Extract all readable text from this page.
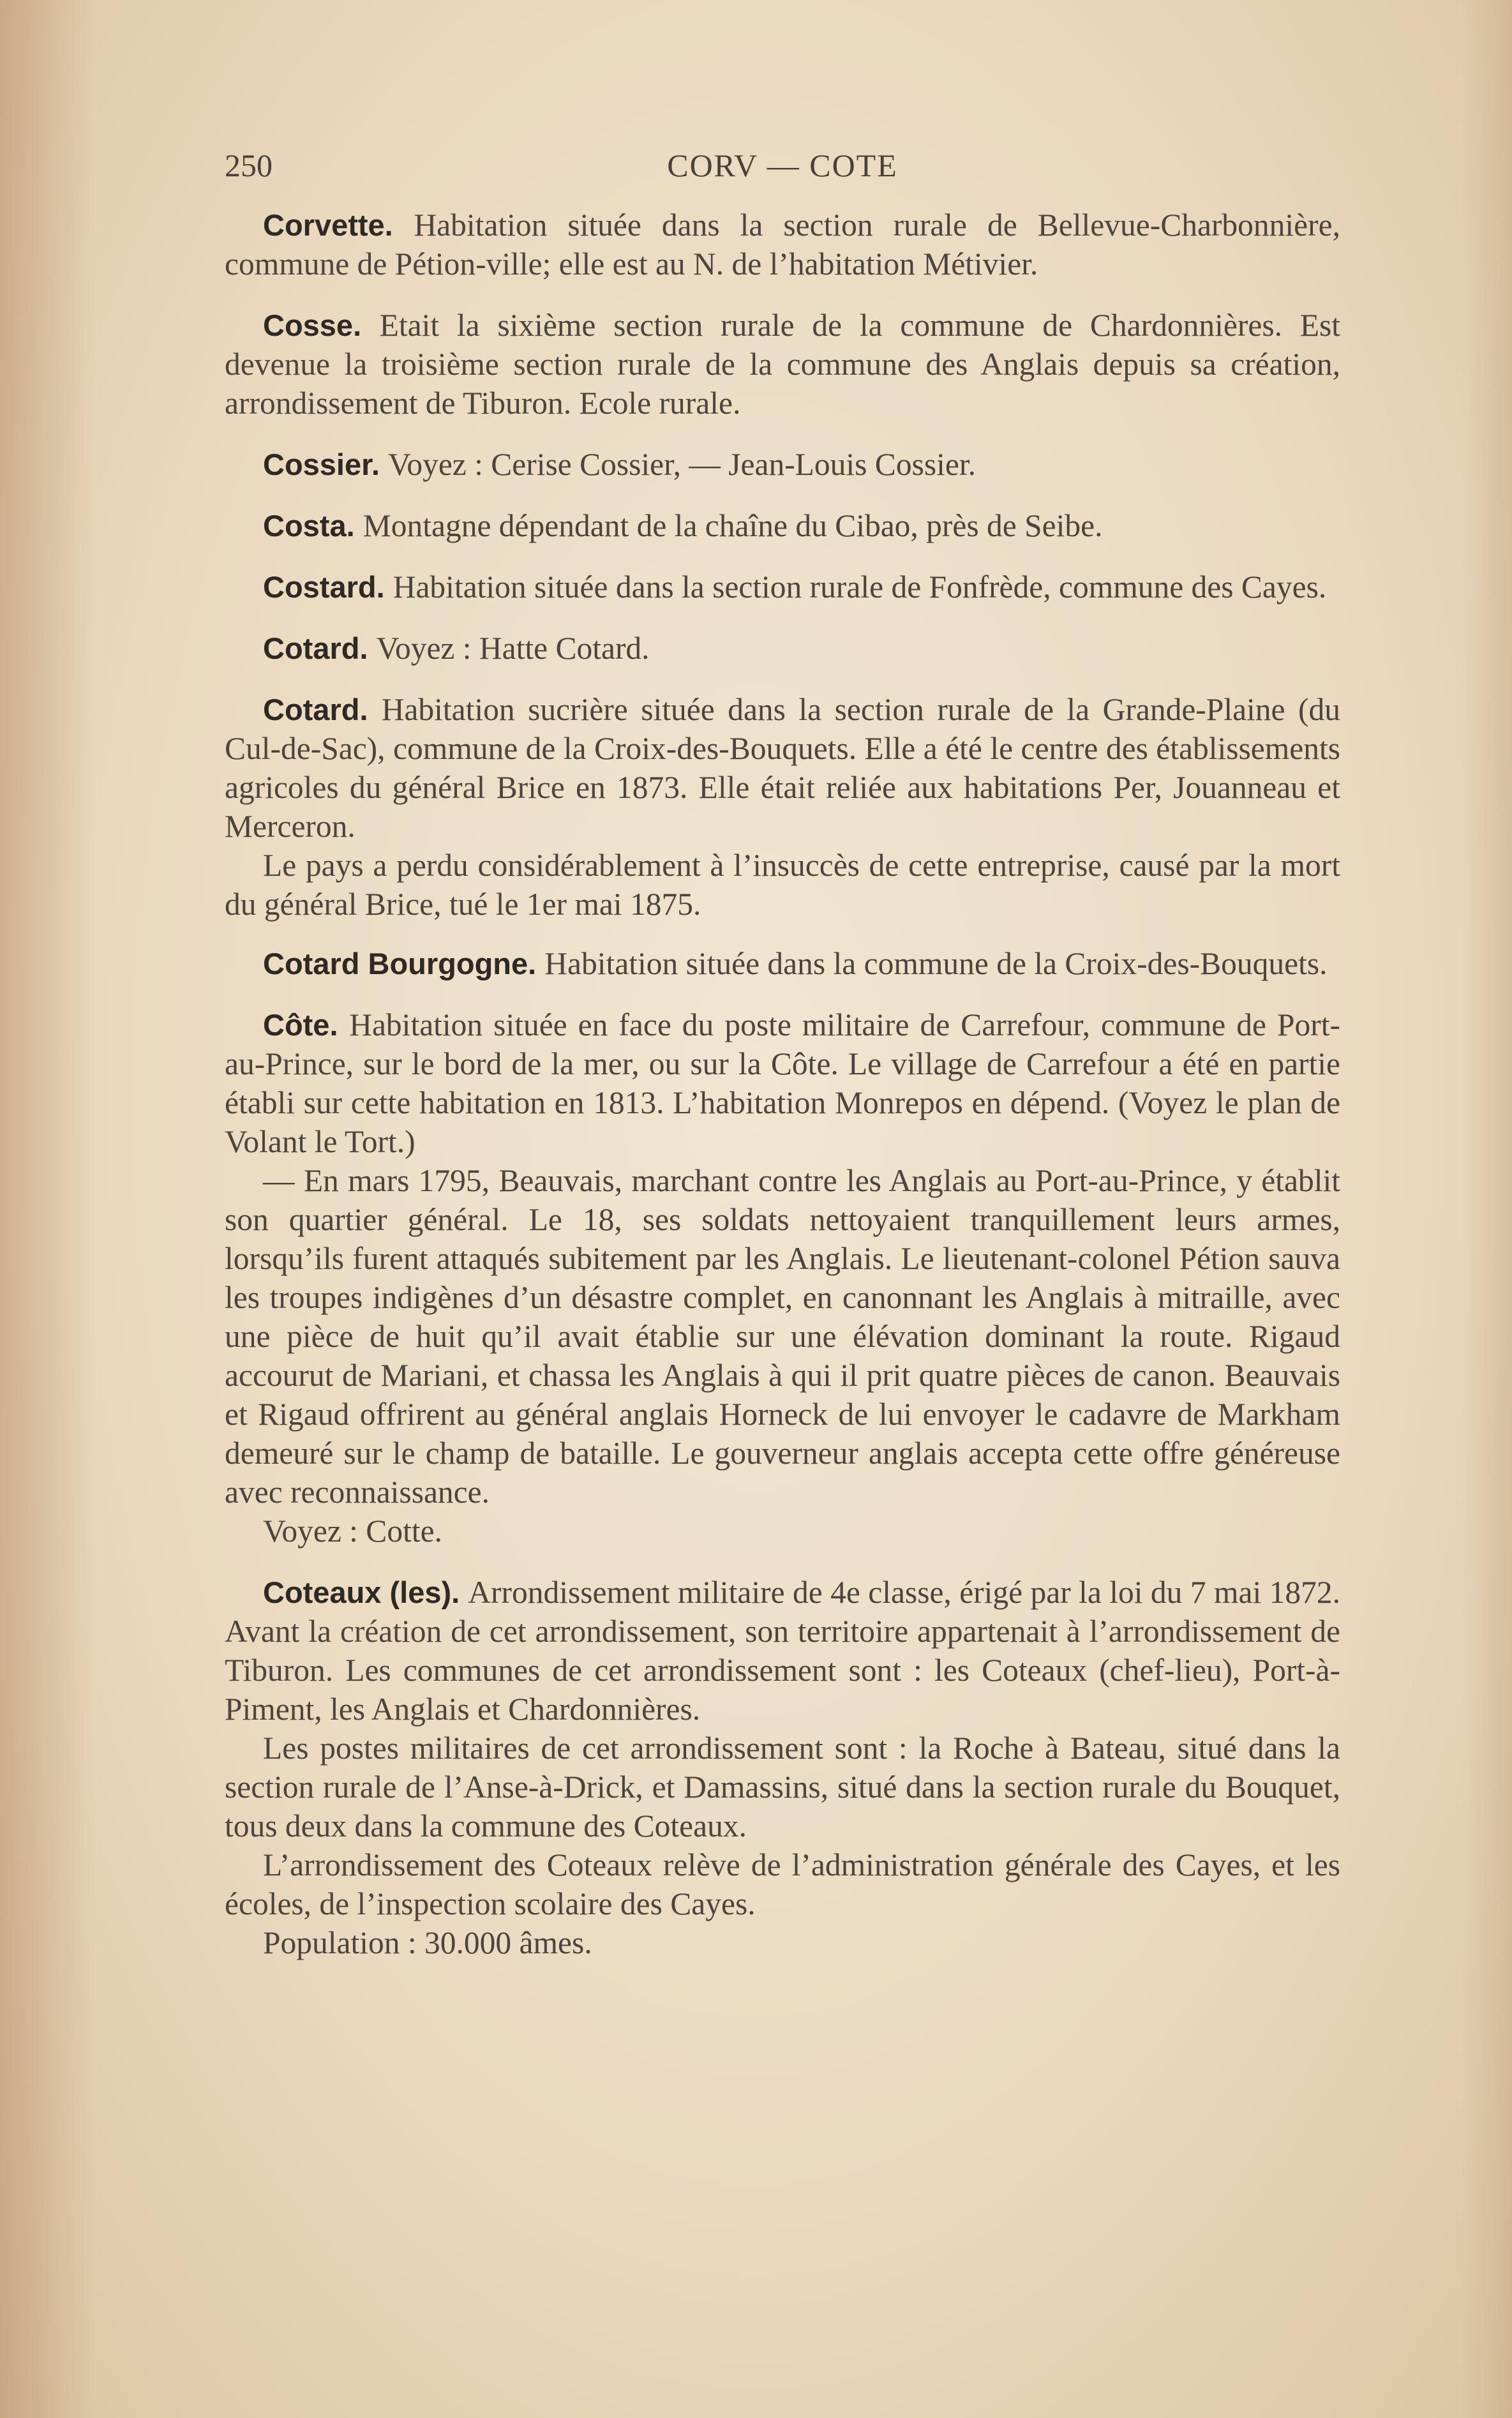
250	CORV — COTE

Corvette. Habitation située dans la section rurale de Bellevue-Charbonnière, commune de Pétion-ville; elle est au N. de l’habitation Métivier.

Cosse. Etait la sixième section rurale de la commune de Chardonnières. Est devenue la troisième section rurale de la commune des Anglais depuis sa création, arrondissement de Tiburon. Ecole rurale.

Cossier. Voyez : Cerise Cossier, — Jean-Louis Cossier.

Costa. Montagne dépendant de la chaîne du Cibao, près de Seibe.

Costard. Habitation située dans la section rurale de Fonfrède, commune des Cayes.

Cotard. Voyez : Hatte Cotard.

Cotard. Habitation sucrière située dans la section rurale de la Grande-Plaine (du Cul-de-Sac), commune de la Croix-des-Bouquets. Elle a été le centre des établissements agricoles du général Brice en 1873. Elle était reliée aux habitations Per, Jouanneau et Merceron.

Le pays a perdu considérablement à l’insuccès de cette entreprise, causé par la mort du général Brice, tué le 1er mai 1875.

Cotard Bourgogne. Habitation située dans la commune de la Croix-des-Bouquets.

Côte. Habitation située en face du poste militaire de Carrefour, commune de Port-au-Prince, sur le bord de la mer, ou sur la Côte. Le village de Carrefour a été en partie établi sur cette habitation en 1813. L’habitation Monrepos en dépend. (Voyez le plan de Volant le Tort.)

— En mars 1795, Beauvais, marchant contre les Anglais au Port-au-Prince, y établit son quartier général. Le 18, ses soldats nettoyaient tranquillement leurs armes, lorsqu’ils furent attaqués subitement par les Anglais. Le lieutenant-colonel Pétion sauva les troupes indigènes d’un désastre complet, en canonnant les Anglais à mitraille, avec une pièce de huit qu’il avait établie sur une élévation dominant la route. Rigaud accourut de Mariani, et chassa les Anglais à qui il prit quatre pièces de canon. Beauvais et Rigaud offrirent au général anglais Horneck de lui envoyer le cadavre de Markham demeuré sur le champ de bataille. Le gouverneur anglais accepta cette offre généreuse avec reconnaissance.

Voyez : Cotte.

Coteaux (les). Arrondissement militaire de 4e classe, érigé par la loi du 7 mai 1872. Avant la création de cet arrondissement, son territoire appartenait à l’arrondissement de Tiburon. Les communes de cet arrondissement sont : les Coteaux (chef-lieu), Port-à-Piment, les Anglais et Chardonnières.

Les postes militaires de cet arrondissement sont : la Roche à Bateau, situé dans la section rurale de l’Anse-à-Drick, et Damassins, situé dans la section rurale du Bouquet, tous deux dans la commune des Coteaux.

L’arrondissement des Coteaux relève de l’administration générale des Cayes, et les écoles, de l’inspection scolaire des Cayes.

Population : 30.000 âmes.
